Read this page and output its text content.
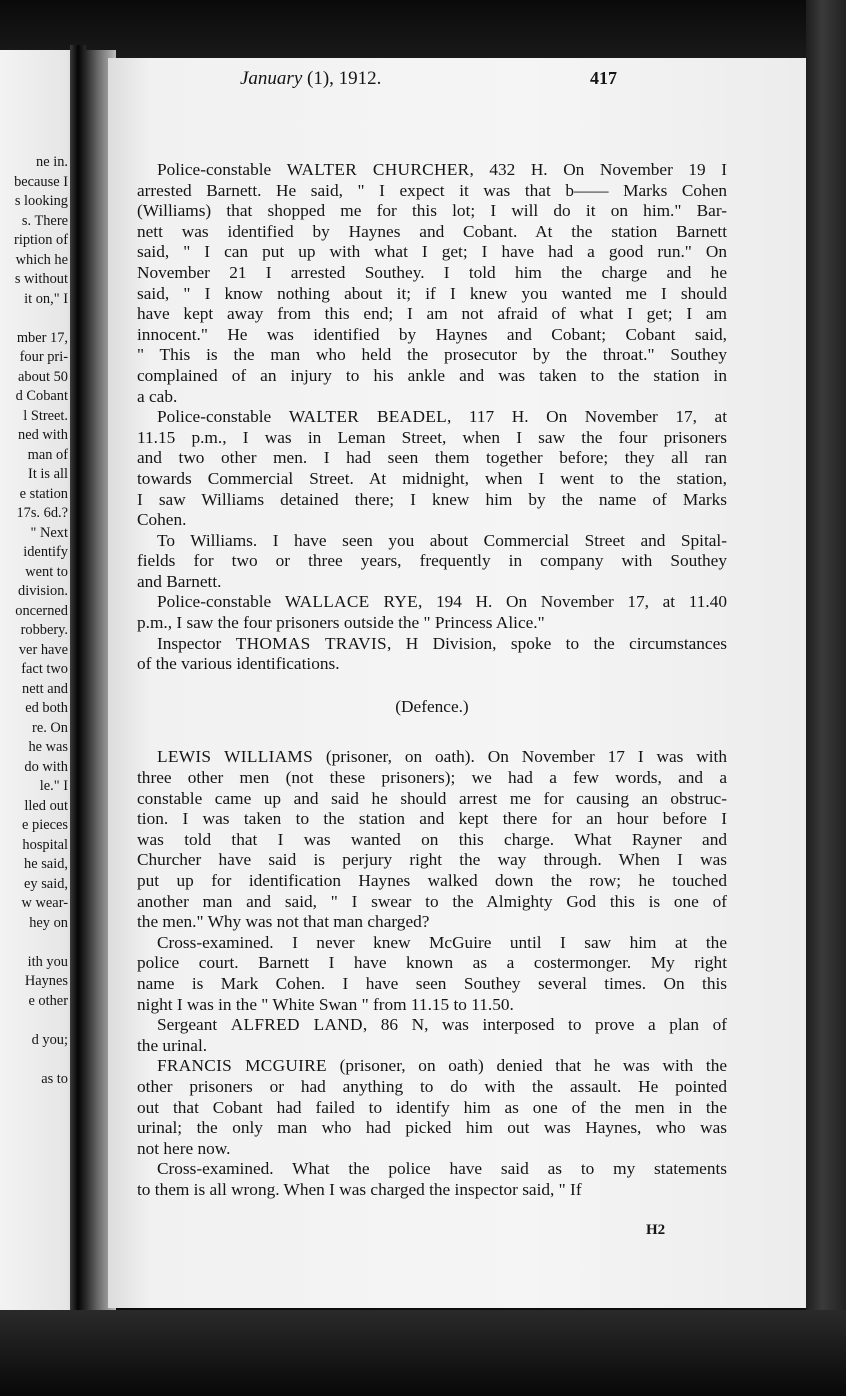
ne in.
because I
s looking
s. There
ription of
which he
s without
it on," I

mber 17,
four pri-
about 50
d Cobant
l Street.
ned with
man of
It is all
e station
17s. 6d.?
" Next
identify
went to
division.
oncerned
robbery.
ver have
fact two
nett and
ed both
re. On
he was
do with
le." I
lled out
e pieces
hospital
he said,
ey said,
w wear-
hey on

ith you
Haynes
e other

d you;

as to
January (1), 1912.	417
Police-constable WALTER CHURCHER, 432 H. On November 19 I
arrested Barnett. He said, " I expect it was that b—— Marks Cohen
(Williams) that shopped me for this lot; I will do it on him." Bar-
nett was identified by Haynes and Cobant. At the station Barnett
said, " I can put up with what I get; I have had a good run." On
November 21 I arrested Southey. I told him the charge and he
said, " I know nothing about it; if I knew you wanted me I should
have kept away from this end; I am not afraid of what I get; I am
innocent." He was identified by Haynes and Cobant; Cobant said,
" This is the man who held the prosecutor by the throat." Southey
complained of an injury to his ankle and was taken to the station in
a cab.
Police-constable WALTER BEADEL, 117 H. On November 17, at
11.15 p.m., I was in Leman Street, when I saw the four prisoners
and two other men. I had seen them together before; they all ran
towards Commercial Street. At midnight, when I went to the station,
I saw Williams detained there; I knew him by the name of Marks
Cohen.
To Williams. I have seen you about Commercial Street and Spital-
fields for two or three years, frequently in company with Southey
and Barnett.
Police-constable WALLACE RYE, 194 H. On November 17, at 11.40
p.m., I saw the four prisoners outside the " Princess Alice."
Inspector THOMAS TRAVIS, H Division, spoke to the circumstances
of the various identifications.
(Defence.)
LEWIS WILLIAMS (prisoner, on oath). On November 17 I was with
three other men (not these prisoners); we had a few words, and a
constable came up and said he should arrest me for causing an obstruc-
tion. I was taken to the station and kept there for an hour before I
was told that I was wanted on this charge. What Rayner and
Churcher have said is perjury right the way through. When I was
put up for identification Haynes walked down the row; he touched
another man and said, " I swear to the Almighty God this is one of
the men." Why was not that man charged?
Cross-examined. I never knew McGuire until I saw him at the
police court. Barnett I have known as a costermonger. My right
name is Mark Cohen. I have seen Southey several times. On this
night I was in the " White Swan " from 11.15 to 11.50.
Sergeant ALFRED LAND, 86 N, was interposed to prove a plan of
the urinal.
FRANCIS MCGUIRE (prisoner, on oath) denied that he was with the
other prisoners or had anything to do with the assault. He pointed
out that Cobant had failed to identify him as one of the men in the
urinal; the only man who had picked him out was Haynes, who was
not here now.
Cross-examined. What the police have said as to my statements
to them is all wrong. When I was charged the inspector said, " If
H2
